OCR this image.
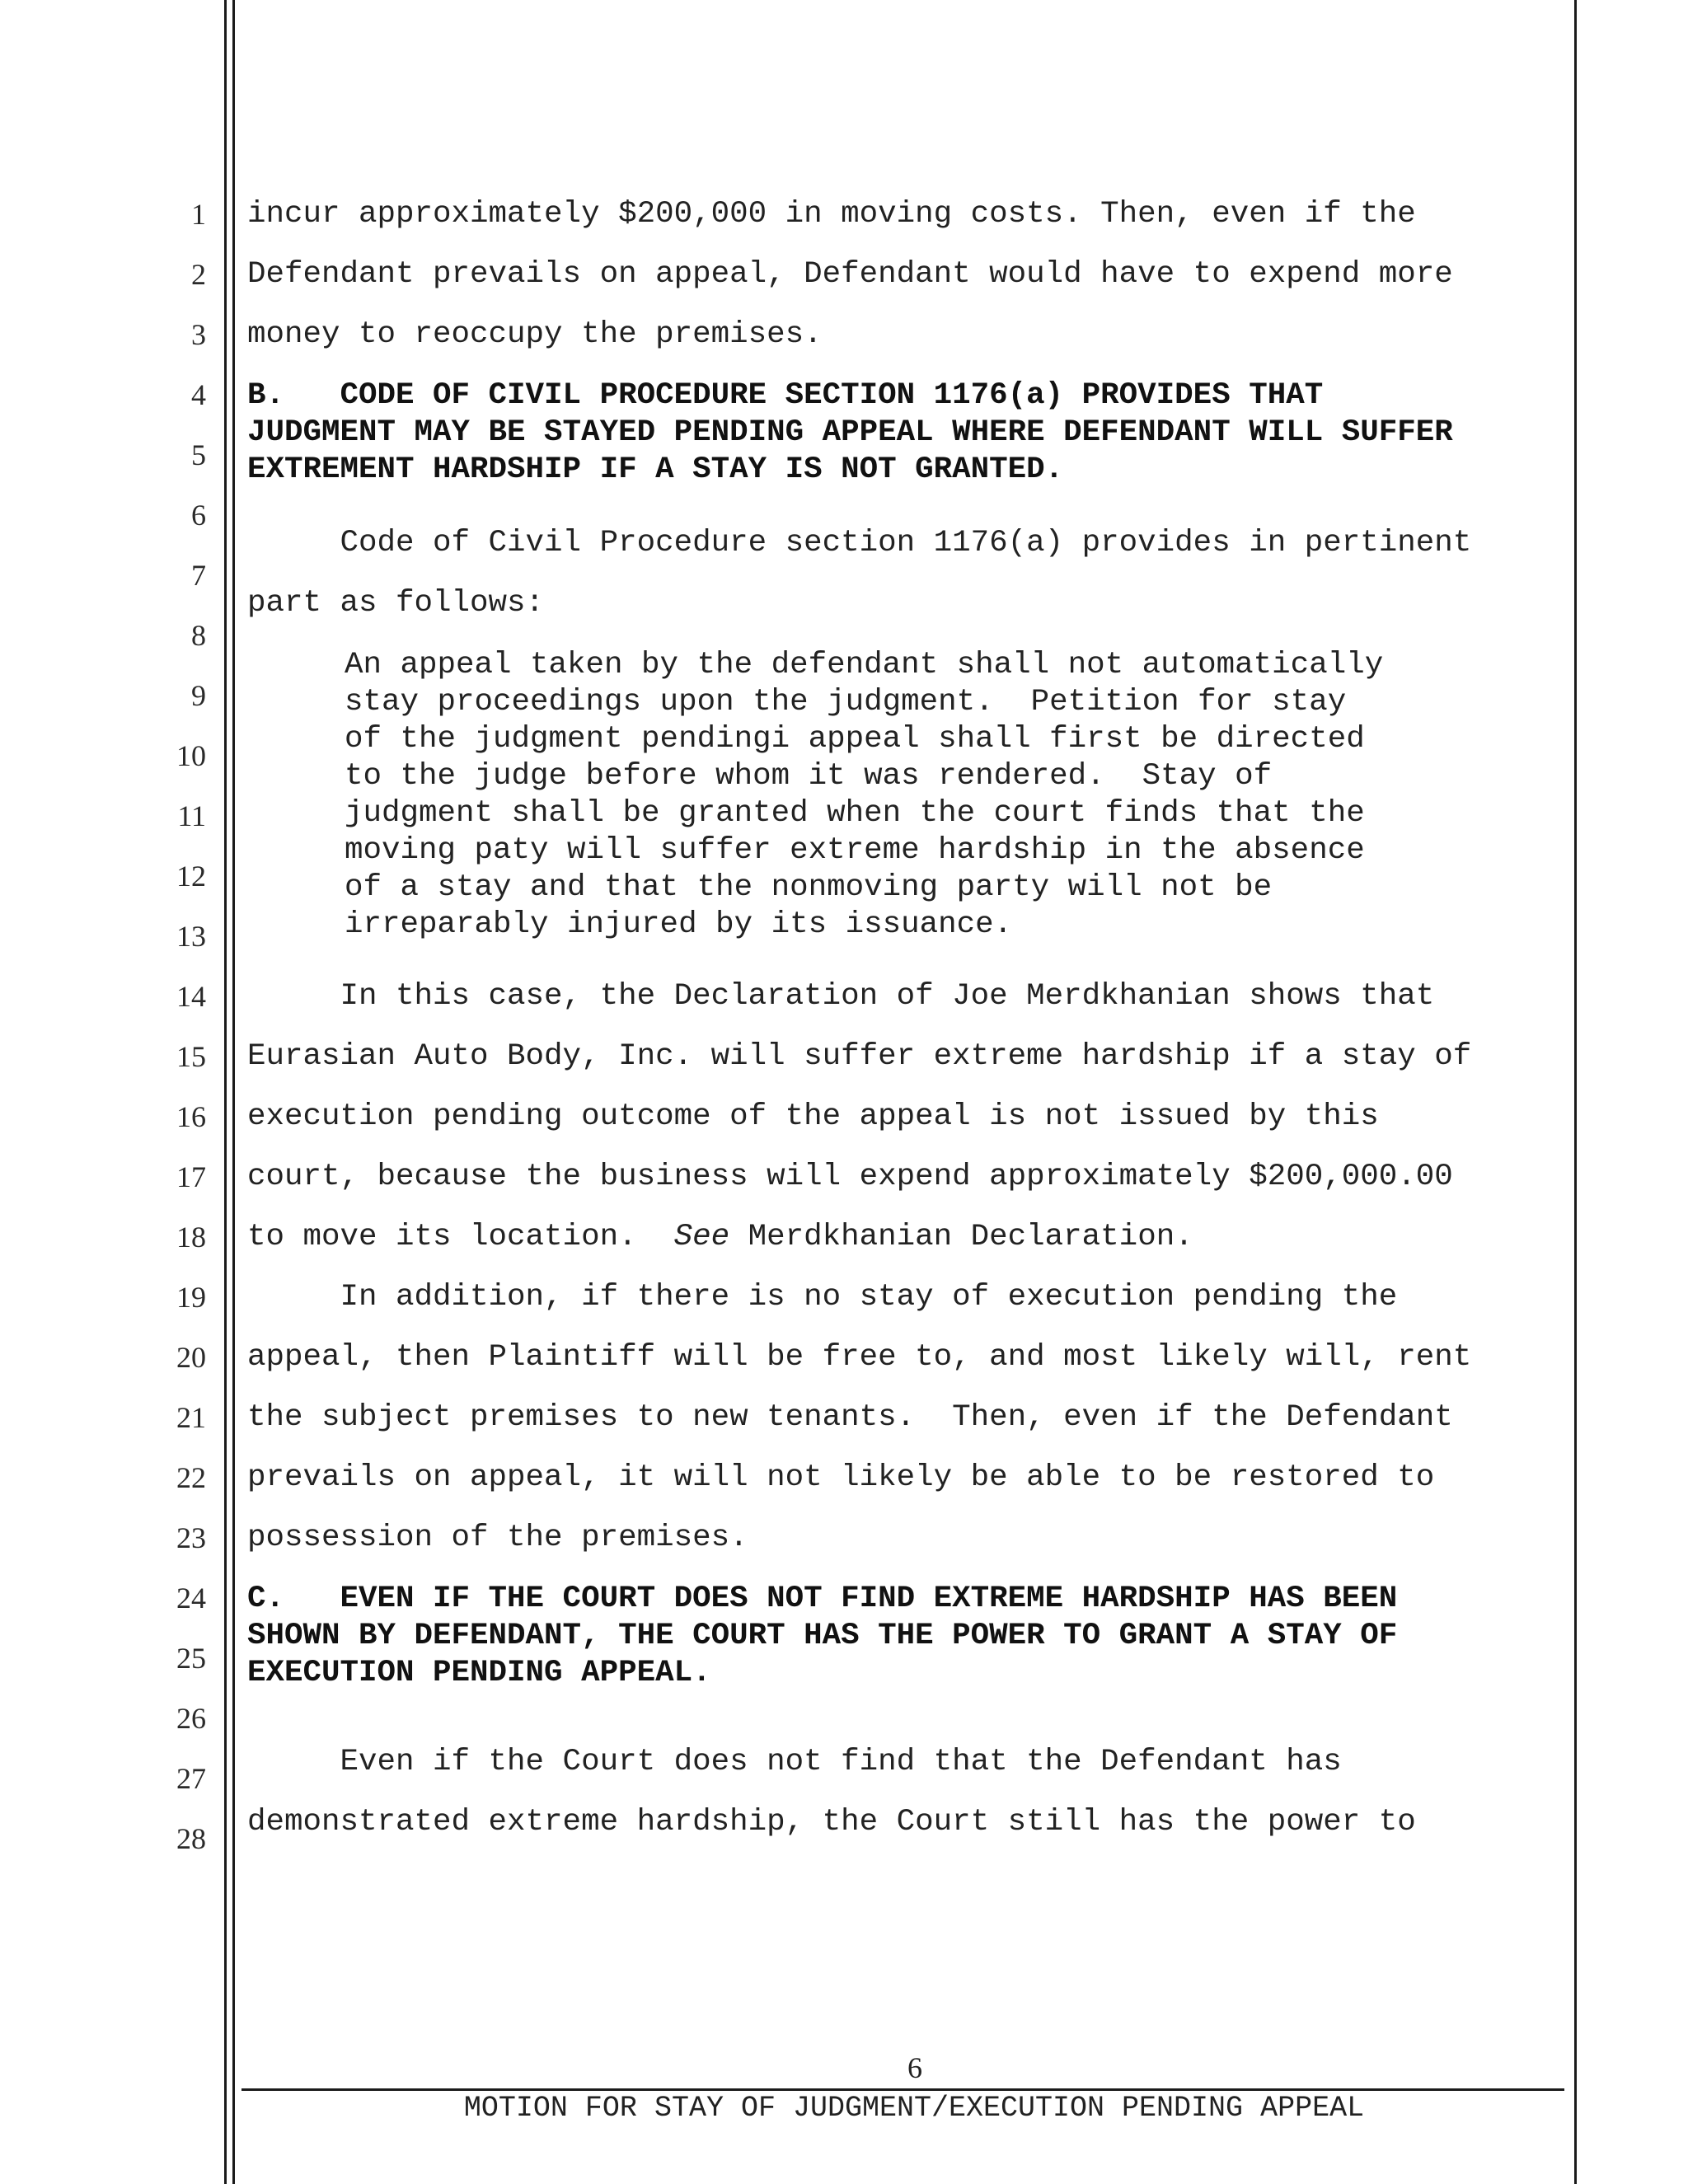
1
2
3
4
5
6
7
8
9
10
11
12
13
14
15
16
17
18
19
20
21
22
23
24
25
26
27
28
incur approximately $200,000 in moving costs. Then, even if the
Defendant prevails on appeal, Defendant would have to expend more
money to reoccupy the premises.
B.   CODE OF CIVIL PROCEDURE SECTION 1176(a) PROVIDES THAT
JUDGMENT MAY BE STAYED PENDING APPEAL WHERE DEFENDANT WILL SUFFER
EXTREMENT HARDSHIP IF A STAY IS NOT GRANTED.
Code of Civil Procedure section 1176(a) provides in pertinent
part as follows:
An appeal taken by the defendant shall not automatically
stay proceedings upon the judgment.  Petition for stay
of the judgment pendingi appeal shall first be directed
to the judge before whom it was rendered.  Stay of
judgment shall be granted when the court finds that the
moving paty will suffer extreme hardship in the absence
of a stay and that the nonmoving party will not be
irreparably injured by its issuance.
In this case, the Declaration of Joe Merdkhanian shows that
Eurasian Auto Body, Inc. will suffer extreme hardship if a stay of
execution pending outcome of the appeal is not issued by this
court, because the business will expend approximately $200,000.00
to move its location.  See Merdkhanian Declaration.
In addition, if there is no stay of execution pending the
appeal, then Plaintiff will be free to, and most likely will, rent
the subject premises to new tenants.  Then, even if the Defendant
prevails on appeal, it will not likely be able to be restored to
possession of the premises.
C.   EVEN IF THE COURT DOES NOT FIND EXTREME HARDSHIP HAS BEEN
SHOWN BY DEFENDANT, THE COURT HAS THE POWER TO GRANT A STAY OF
EXECUTION PENDING APPEAL.
Even if the Court does not find that the Defendant has
demonstrated extreme hardship, the Court still has the power to
6
MOTION FOR STAY OF JUDGMENT/EXECUTION PENDING APPEAL
